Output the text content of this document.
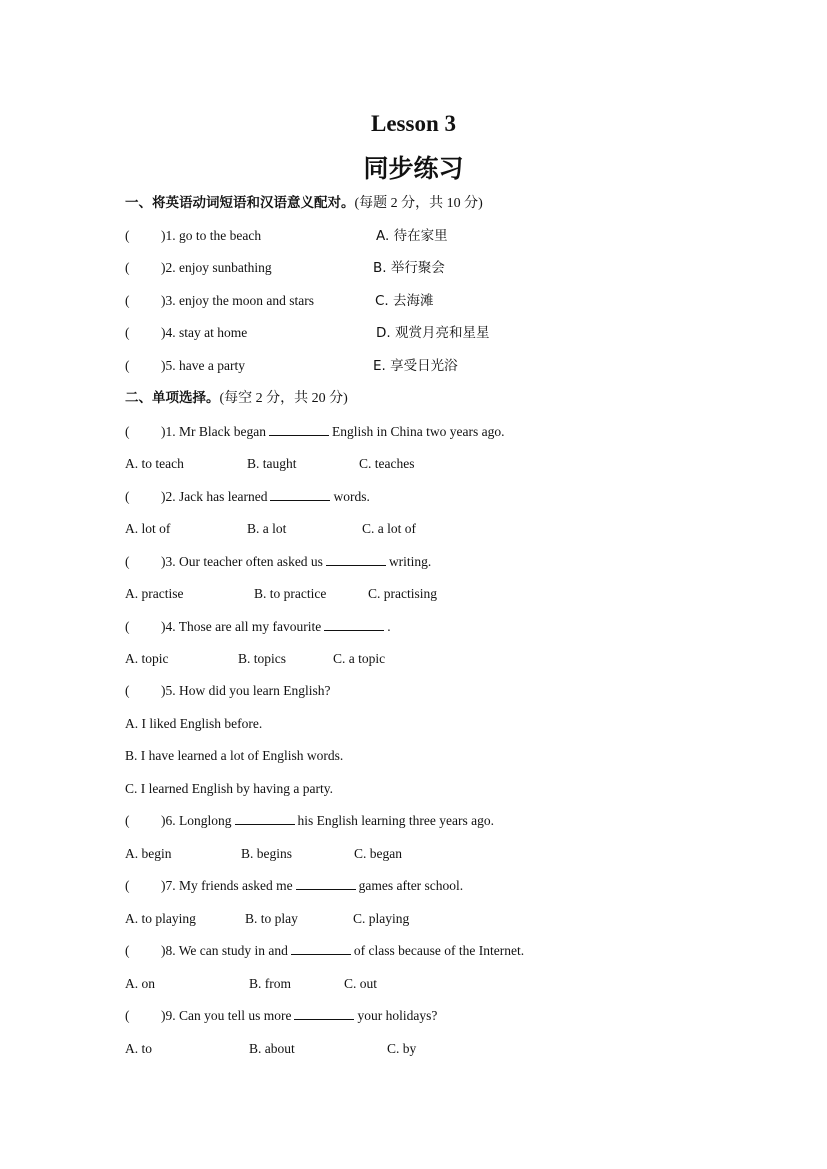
Lesson 3
同步练习
一、将英语动词短语和汉语意义配对。(每题 2 分，共 10 分)
( )1. go to the beach	A. 待在家里
( )2. enjoy sunbathing	B. 举行聚会
( )3. enjoy the moon and stars	C. 去海滩
( )4. stay at home	D. 观赏月亮和星星
( )5. have a party	E. 享受日光浴
二、单项选择。(每空 2 分，共 20 分)
( )1. Mr Black began	English in China two years ago.
A. to teach	B. taught	C. teaches
( )2. Jack has learned	words.
A. lot of	B. a lot	C. a lot of
( )3. Our teacher often asked us	writing.
A. practise	B. to practice	C. practising
( )4. Those are all my favourite	.
A. topic	B. topics	C. a topic
( )5. How did you learn English?
A. I liked English before.
B. I have learned a lot of English words.
C. I learned English by having a party.
( )6. Longlong	his English learning three years ago.
A. begin	B. begins	C. began
( )7. My friends asked me	games after school.
A. to playing	B. to play	C. playing
( )8. We can study in and	of class because of the Internet.
A. on	B. from	C. out
( )9. Can you tell us more	your holidays?
A. to	B. about	C. by
